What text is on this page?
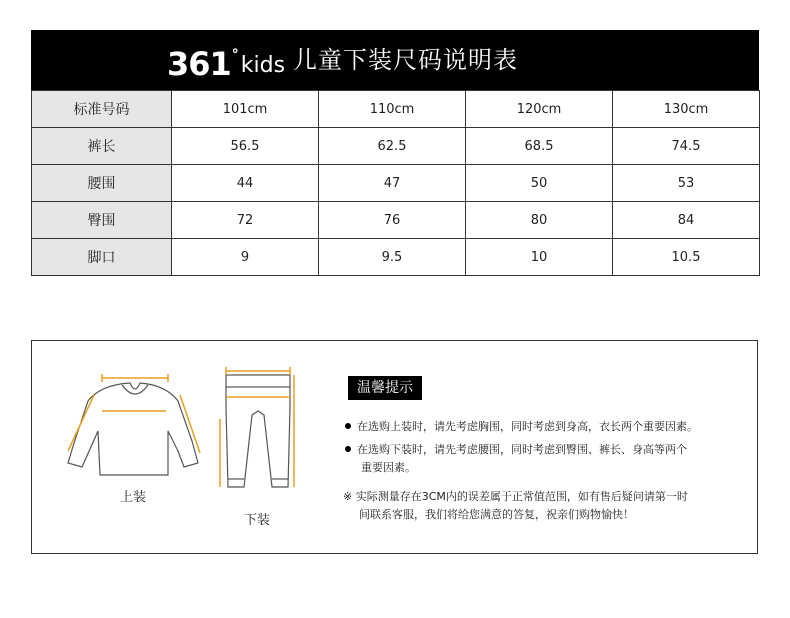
361 ° kids 儿童下装尺码说明表
标准号码	101cm	110cm	120cm	130cm
裤长	56.5	62.5	68.5	74.5
腰围	44	47	50	53
臀围	72	76	80	84
脚口	9	9.5	10	10.5
上装
下装
温馨提示
在选购上装时，请先考虑胸围，同时考虑到身高，衣长两个重要因素。
在选购下装时，请先考虑腰围，同时考虑到臀围、裤长、身高等两个
重要因素。
※ 实际测量存在3CM内的误差属于正常值范围，如有售后疑问请第一时
间联系客服，我们将给您满意的答复，祝亲们购物愉快！
